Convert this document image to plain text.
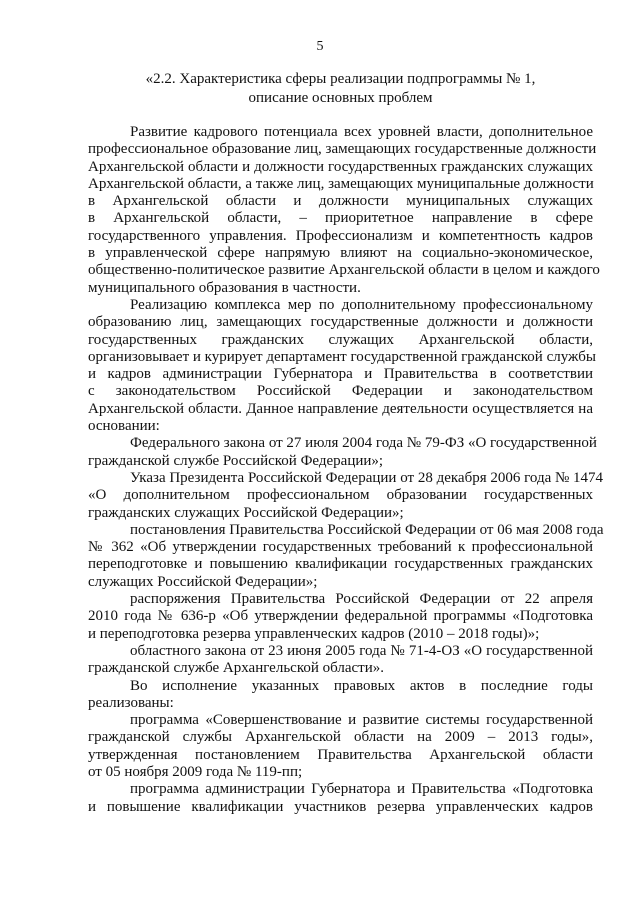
5
«2.2. Характеристика сферы реализации подпрограммы № 1,
описание основных проблем
Развитие кадрового потенциала всех уровней власти, дополнительное
профессиональное образование лиц, замещающих государственные должности
Архангельской области и должности государственных гражданских служащих
Архангельской области, а также лиц, замещающих муниципальные должности
в Архангельской области и должности муниципальных служащих
в Архангельской области, – приоритетное направление в сфере
государственного управления. Профессионализм и компетентность кадров
в управленческой сфере напрямую влияют на социально-экономическое,
общественно-политическое развитие Архангельской области в целом и каждого
муниципального образования в частности.
Реализацию комплекса мер по дополнительному профессиональному
образованию лиц, замещающих государственные должности и должности
государственных гражданских служащих Архангельской области,
организовывает и курирует департамент государственной гражданской службы
и кадров администрации Губернатора и Правительства в соответствии
с законодательством Российской Федерации и законодательством
Архангельской области. Данное направление деятельности осуществляется на
основании:
Федерального закона от 27 июля 2004 года № 79-ФЗ «О государственной
гражданской службе Российской Федерации»;
Указа Президента Российской Федерации от 28 декабря 2006 года № 1474
«О дополнительном профессиональном образовании государственных
гражданских служащих Российской Федерации»;
постановления Правительства Российской Федерации от 06 мая 2008 года
№ 362 «Об утверждении государственных требований к профессиональной
переподготовке и повышению квалификации государственных гражданских
служащих Российской Федерации»;
распоряжения Правительства Российской Федерации от 22 апреля
2010 года № 636-р «Об утверждении федеральной программы «Подготовка
и переподготовка резерва управленческих кадров (2010 – 2018 годы)»;
областного закона от 23 июня 2005 года № 71-4-ОЗ «О государственной
гражданской службе Архангельской области».
Во исполнение указанных правовых актов в последние годы
реализованы:
программа «Совершенствование и развитие системы государственной
гражданской службы Архангельской области на 2009 – 2013 годы»,
утвержденная постановлением Правительства Архангельской области
от 05 ноября 2009 года № 119-пп;
программа администрации Губернатора и Правительства «Подготовка
и повышение квалификации участников резерва управленческих кадров
